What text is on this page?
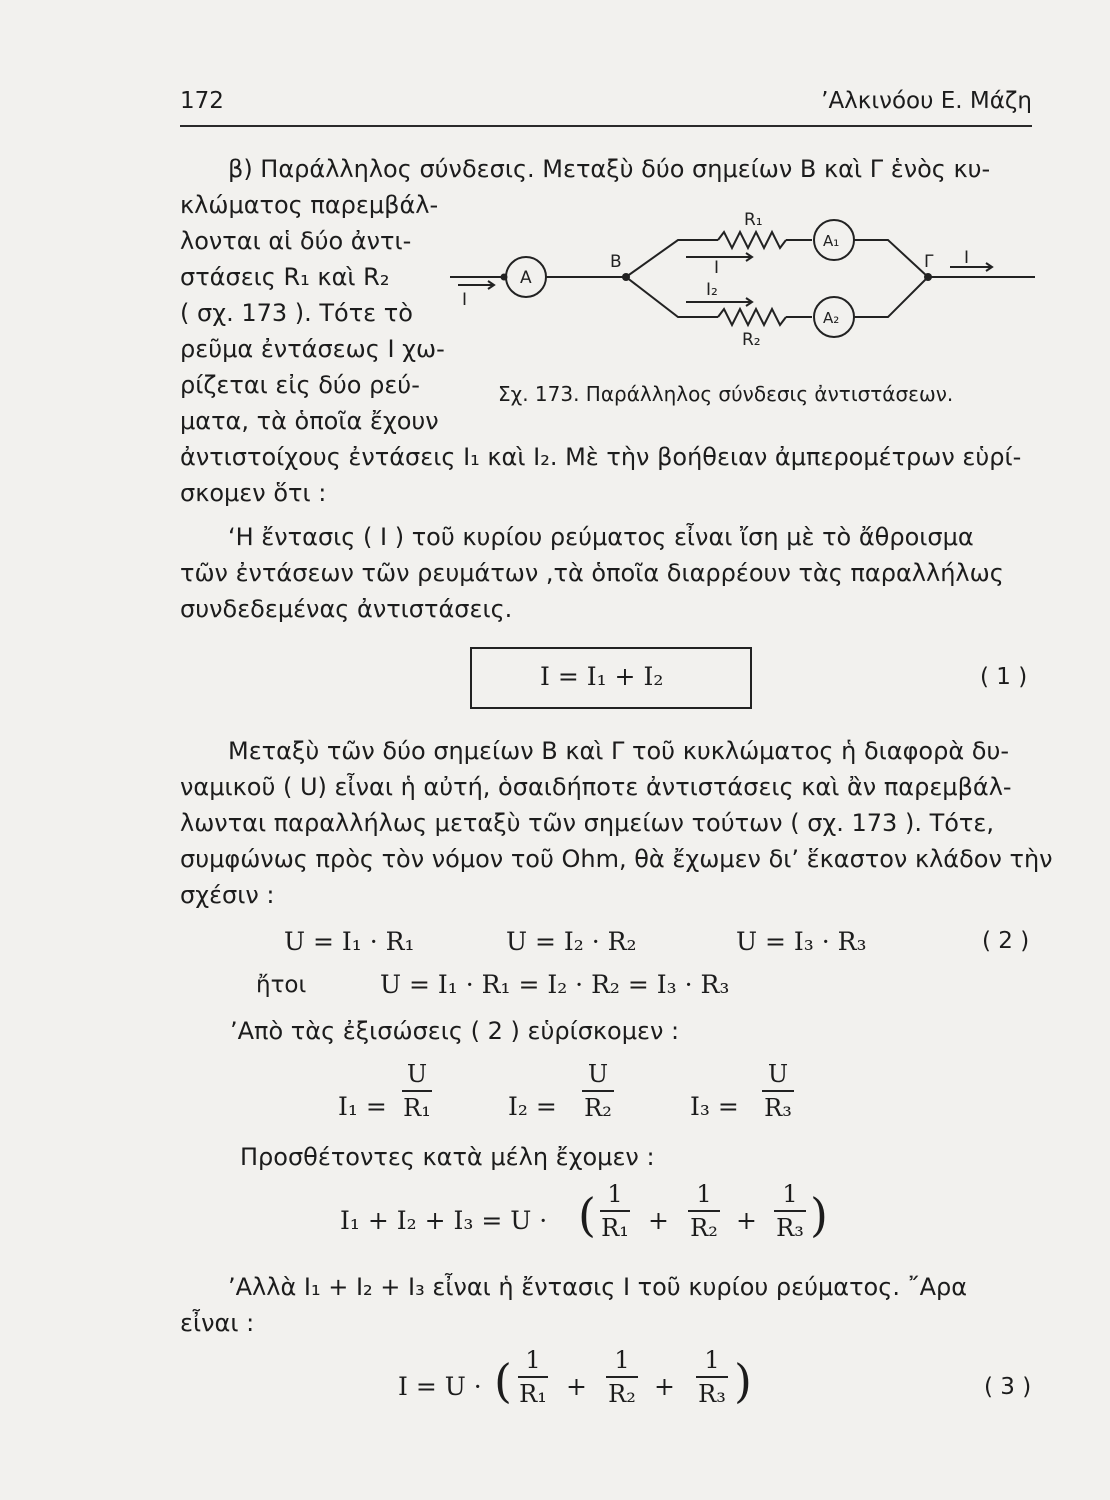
172	’Αλκινόου Ε. Μάζη
β) Παράλληλος σύνδεσις. Μεταξὺ δύο σημείων Β καὶ Γ ἑνὸς κυ-
κλώματος παρεμβάλ-
λονται αἱ δύο ἀντι-
στάσεις R₁ καὶ R₂
( σχ. 173 ). Τότε τὸ
ρεῦμα ἐντάσεως I χω-
ρίζεται εἰς δύο ρεύ-
ματα, τὰ ὁποῖα ἔχουν
ἀντιστοίχους ἐντάσεις I₁ καὶ I₂. Μὲ τὴν βοήθειαν ἀμπερομέτρων εὑρί-
σκομεν ὅτι :
A
A₁
A₂
R₁
R₂
B	Γ
I
I
I₂
I
Σχ. 173. Παράλληλος σύνδεσις ἀντιστάσεων.
‘Η ἔντασις ( I ) τοῦ κυρίου ρεύματος εἶναι ἴση μὲ τὸ ἄθροισμα
τῶν ἐντάσεων τῶν ρευμάτων ,τὰ ὁποῖα διαρρέουν τὰς παραλλήλως
συνδεδεμένας ἀντιστάσεις.
I = I₁ + I₂	( 1 )
Μεταξὺ τῶν δύο σημείων Β καὶ Γ τοῦ κυκλώματος ἡ διαφορὰ δυ-
ναμικοῦ ( U) εἶναι ἡ αὐτή, ὁσαιδήποτε ἀντιστάσεις καὶ ἂν παρεμβάλ-
λωνται παραλλήλως μεταξὺ τῶν σημείων τούτων ( σχ. 173 ). Τότε,
συμφώνως πρὸς τὸν νόμον τοῦ Ohm, θὰ ἔχωμεν δι’ ἕκαστον κλάδον τὴν
σχέσιν :
U = I₁ · R₁	U = I₂ · R₂	U = I₃ · R₃	( 2 )
ἤτοι	U = I₁ · R₁ = I₂ · R₂ = I₃ · R₃
’Απὸ τὰς ἐξισώσεις ( 2 ) εὑρίσκομεν :
I₁ =
U
R₁	I₂ =
U
R₂	I₃ =
U
R₃
Προσθέτοντες κατὰ μέλη ἔχομεν :
I₁ + I₂ + I₃ = U · ( 1
R₁ +
1
R₂ +
1
R₃ )
’Αλλὰ I₁ + I₂ + I₃ εἶναι ἡ ἔντασις I τοῦ κυρίου ρεύματος. ῎Αρα
εἶναι :
I = U · ( 1
R₁ +
1
R₂ +
1
R₃ )	( 3 )
